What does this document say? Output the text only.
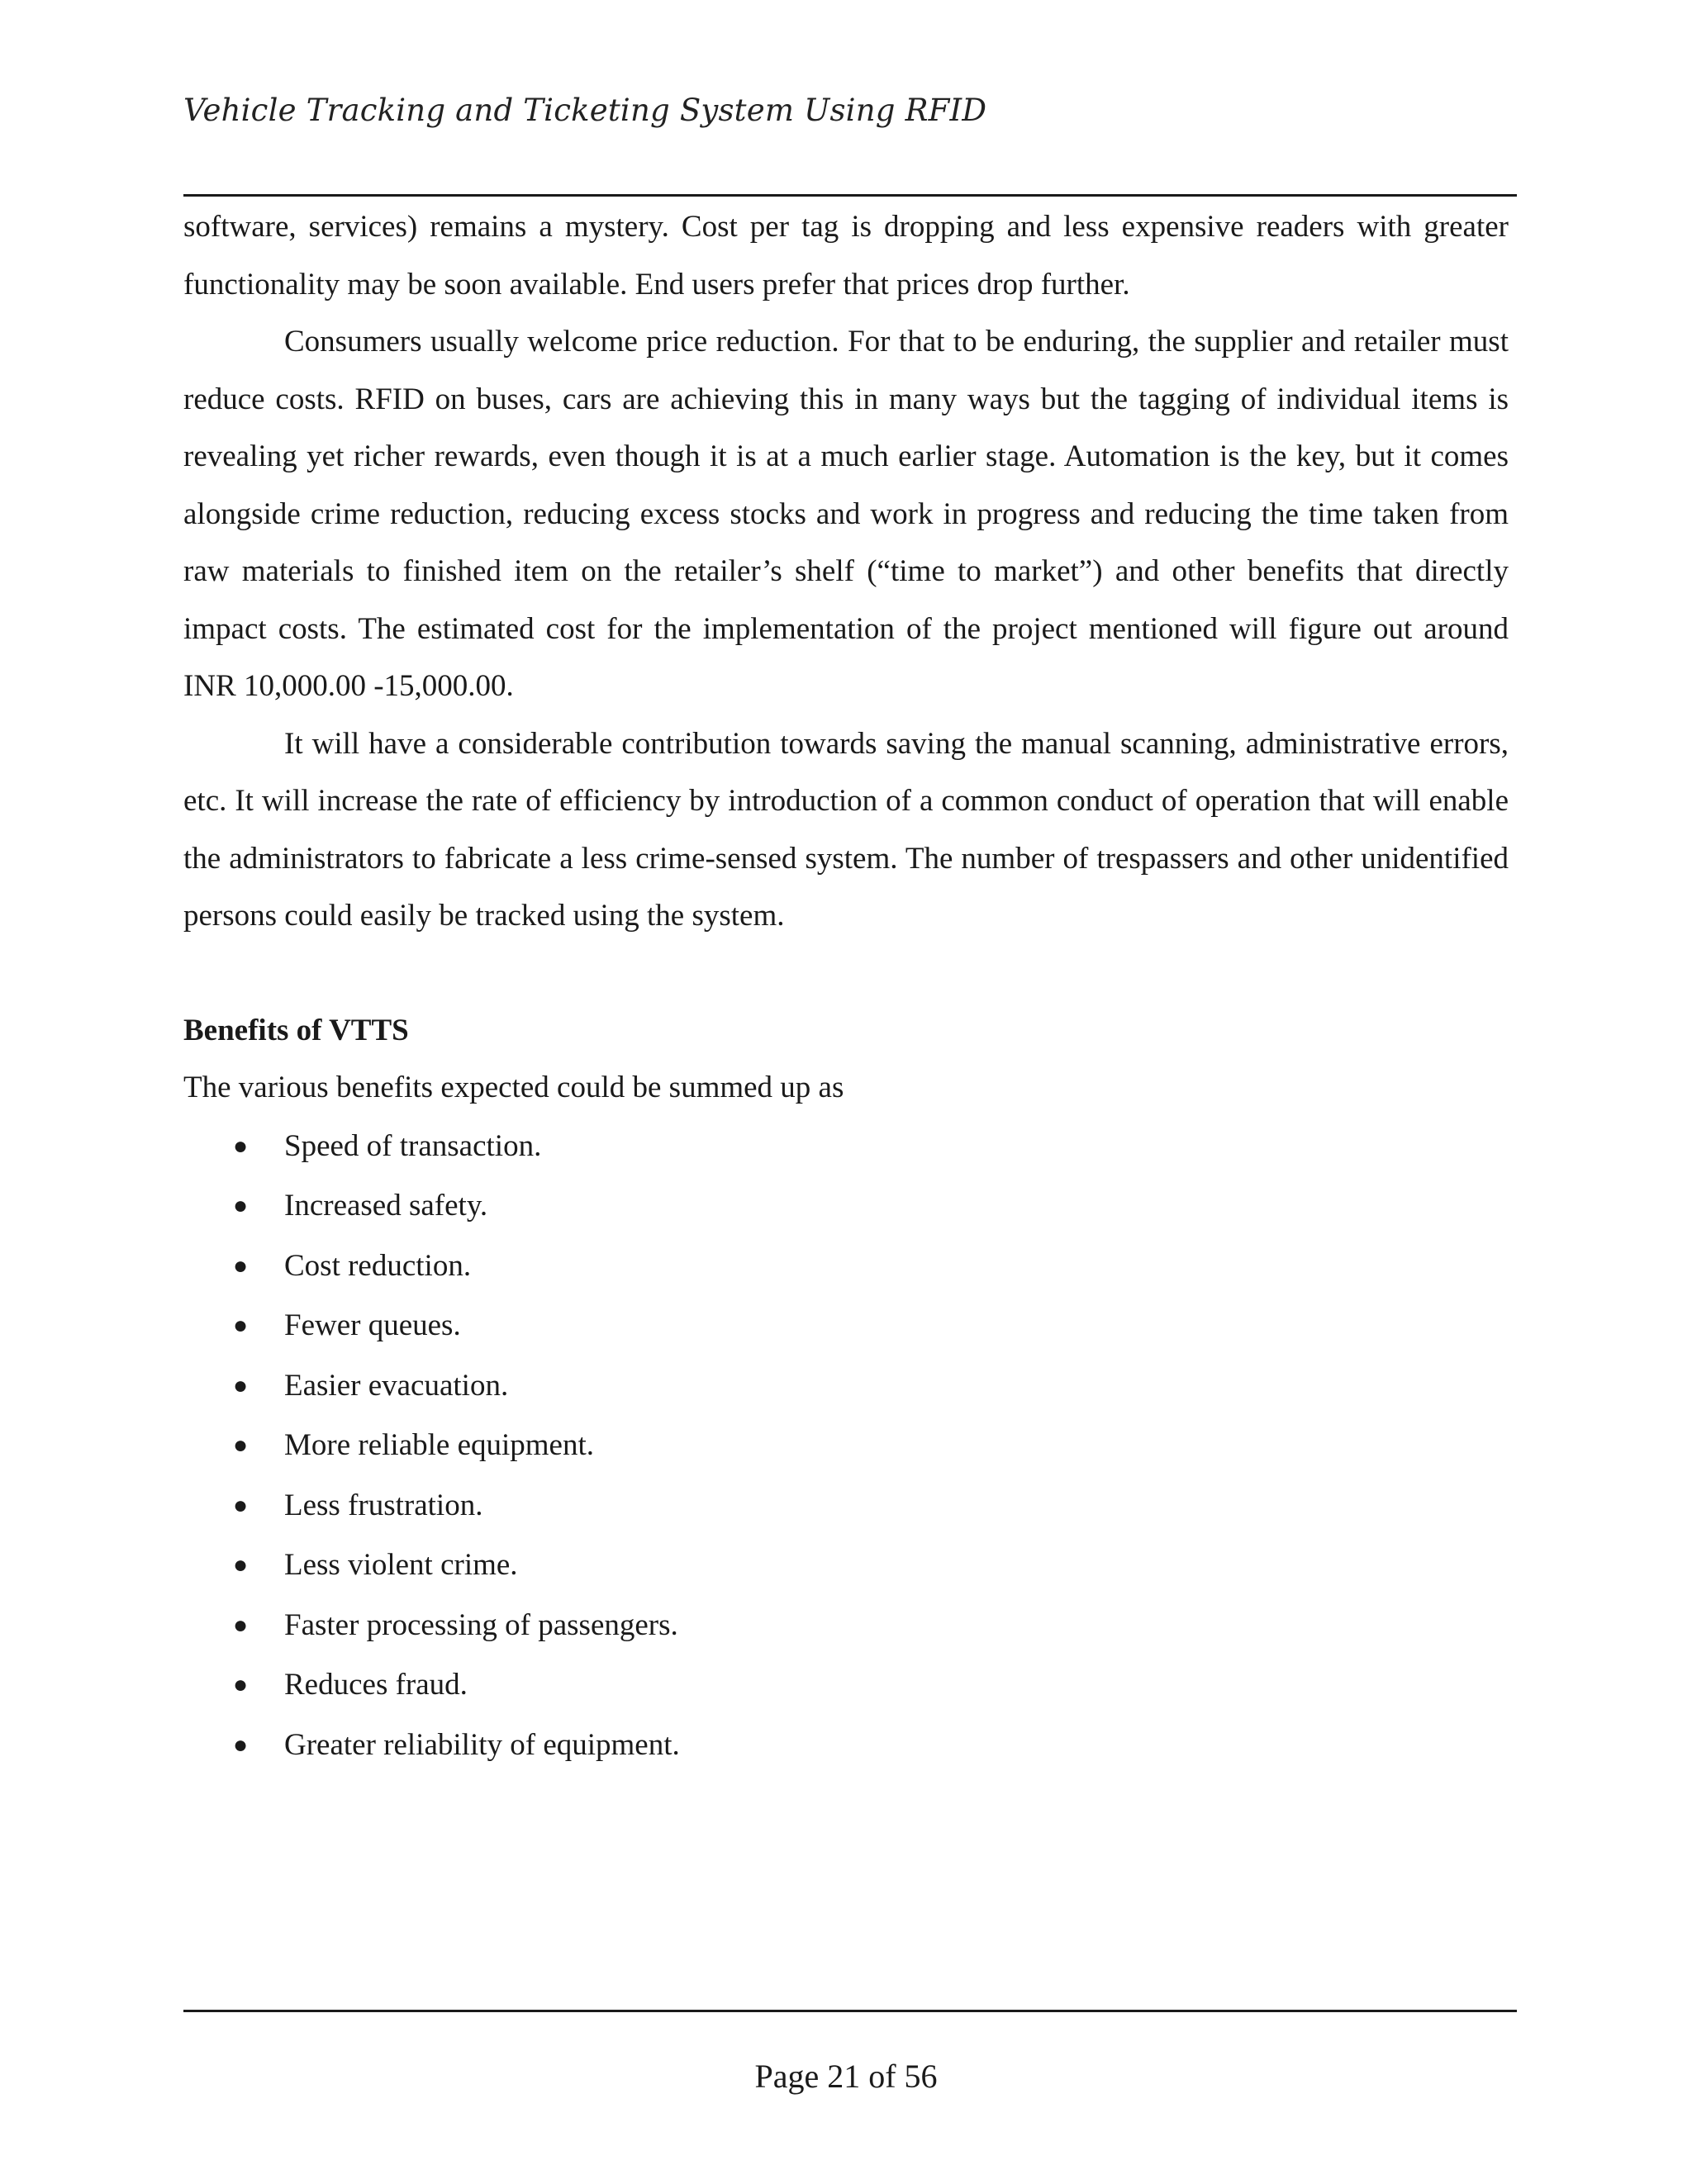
Vehicle Tracking and Ticketing System Using RFID

software, services) remains a mystery. Cost per tag is dropping and less expensive readers with greater functionality may be soon available. End users prefer that prices drop further.

Consumers usually welcome price reduction. For that to be enduring, the supplier and retailer must reduce costs. RFID on buses, cars are achieving this in many ways but the tagging of individual items is revealing yet richer rewards, even though it is at a much earlier stage. Automation is the key, but it comes alongside crime reduction, reducing excess stocks and work in progress and reducing the time taken from raw materials to finished item on the retailer’s shelf (“time to market”) and other benefits that directly impact costs. The estimated cost for the implementation of the project mentioned will figure out around INR 10,000.00 -15,000.00.

It will have a considerable contribution towards saving the manual scanning, administrative errors, etc. It will increase the rate of efficiency by introduction of a common conduct of operation that will enable the administrators to fabricate a less crime-sensed system. The number of trespassers and other unidentified persons could easily be tracked using the system.

Benefits of VTTS

The various benefits expected could be summed up as

● Speed of transaction.
● Increased safety.
● Cost reduction.
● Fewer queues.
● Easier evacuation.
● More reliable equipment.
● Less frustration.
● Less violent crime.
● Faster processing of passengers.
● Reduces fraud.
● Greater reliability of equipment.
Page 21 of 56
